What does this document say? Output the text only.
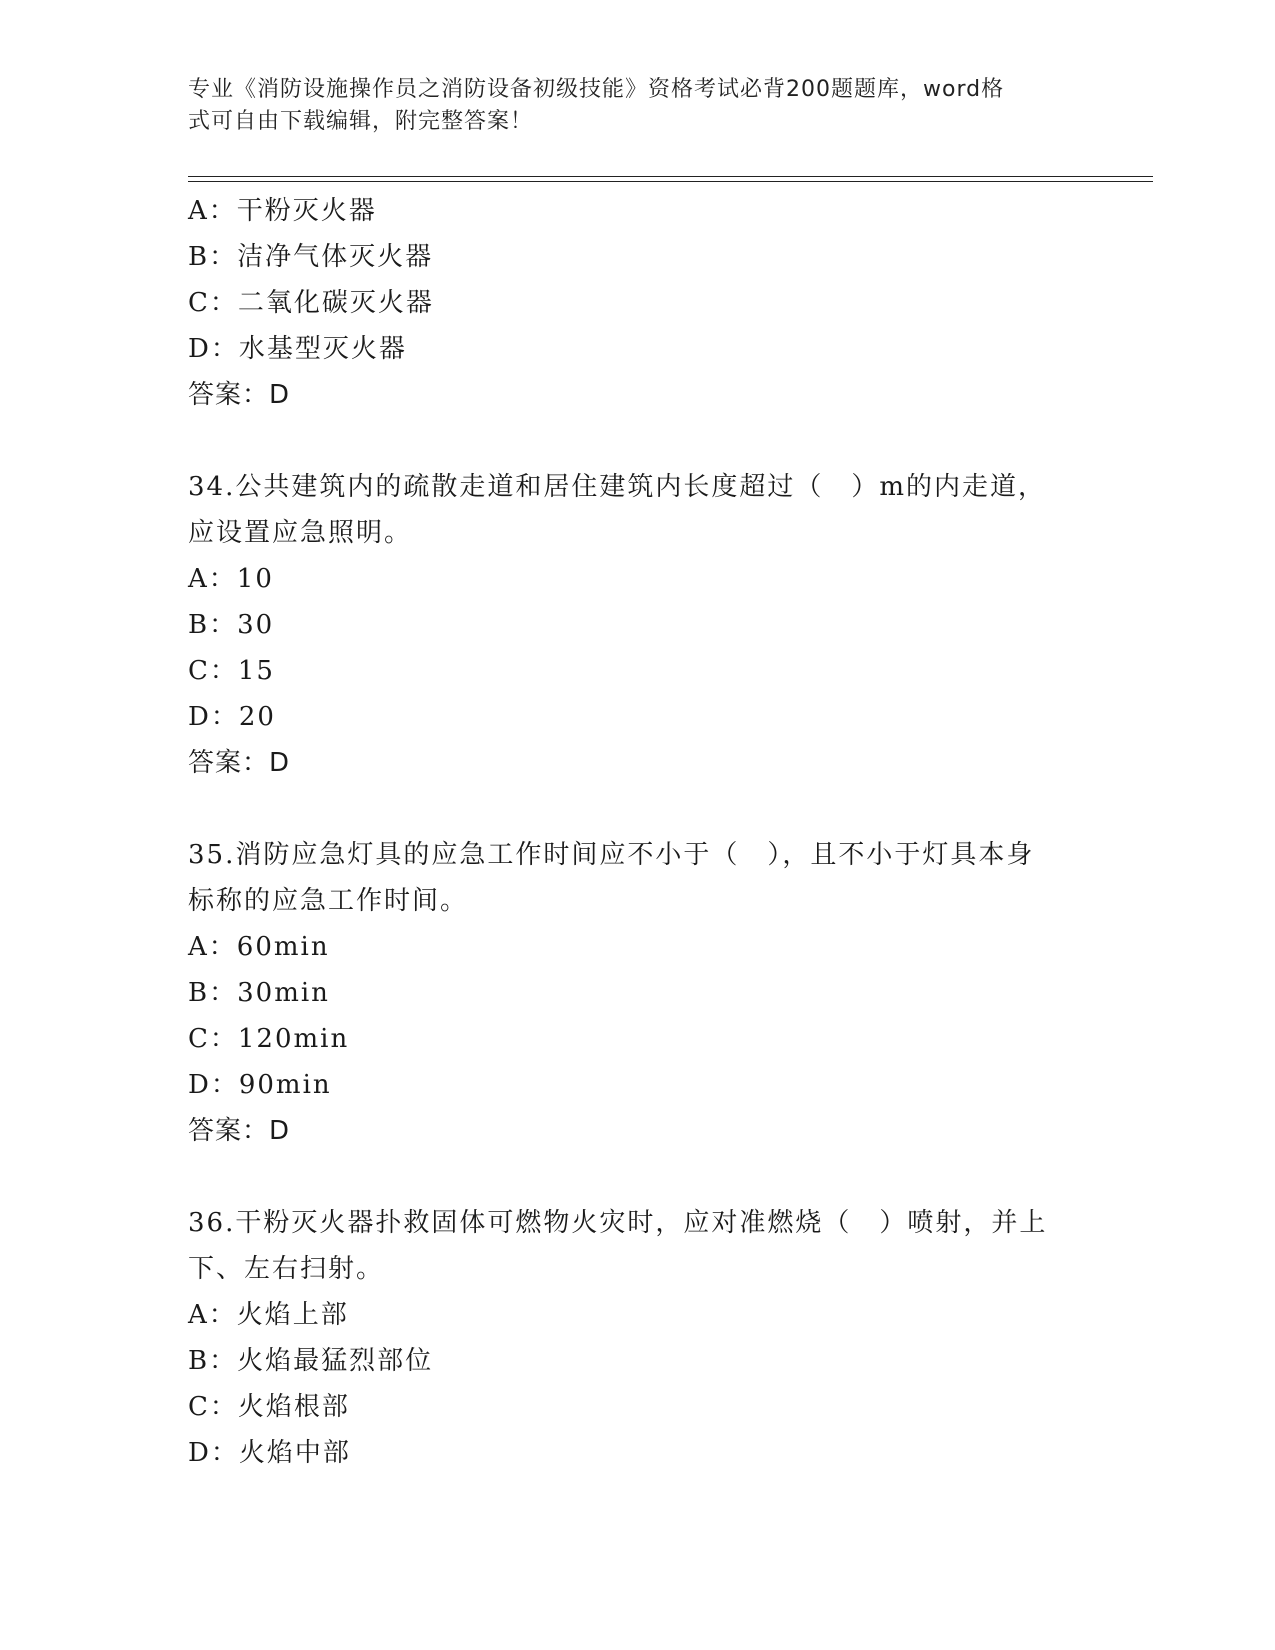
专业《消防设施操作员之消防设备初级技能》资格考试必背200题题库，word格
式可自由下载编辑，附完整答案！
A：干粉灭火器
B：洁净气体灭火器
C：二氧化碳灭火器
D：水基型灭火器
答案：D
34.公共建筑内的疏散走道和居住建筑内长度超过（　）m的内走道，
应设置应急照明。
A：10
B：30
C：15
D：20
答案：D
35.消防应急灯具的应急工作时间应不小于（　），且不小于灯具本身
标称的应急工作时间。
A：60min
B：30min
C：120min
D：90min
答案：D
36.干粉灭火器扑救固体可燃物火灾时，应对准燃烧（　）喷射，并上
下、左右扫射。
A：火焰上部
B：火焰最猛烈部位
C：火焰根部
D：火焰中部
